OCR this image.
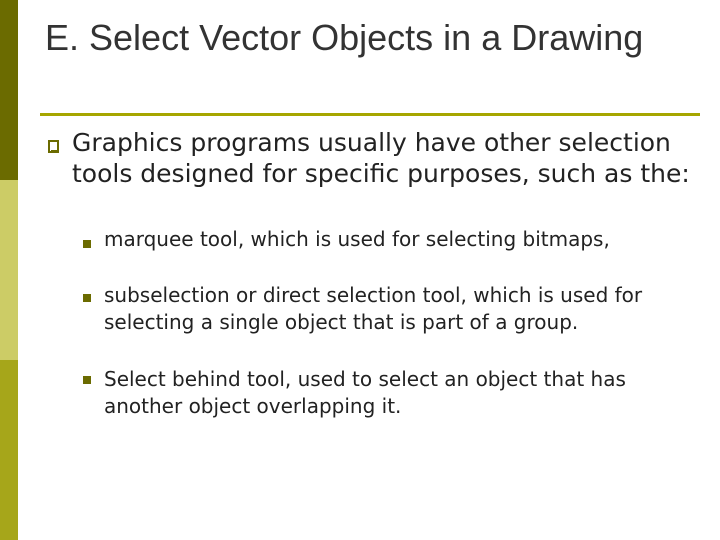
E. Select Vector Objects in a Drawing
Graphics programs usually have other selection tools designed for specific purposes, such as the:
marquee tool, which is used for selecting bitmaps,
subselection or direct selection tool, which is used for selecting a single object that is part of a group.
Select behind tool, used to select an object that has another object overlapping it.
